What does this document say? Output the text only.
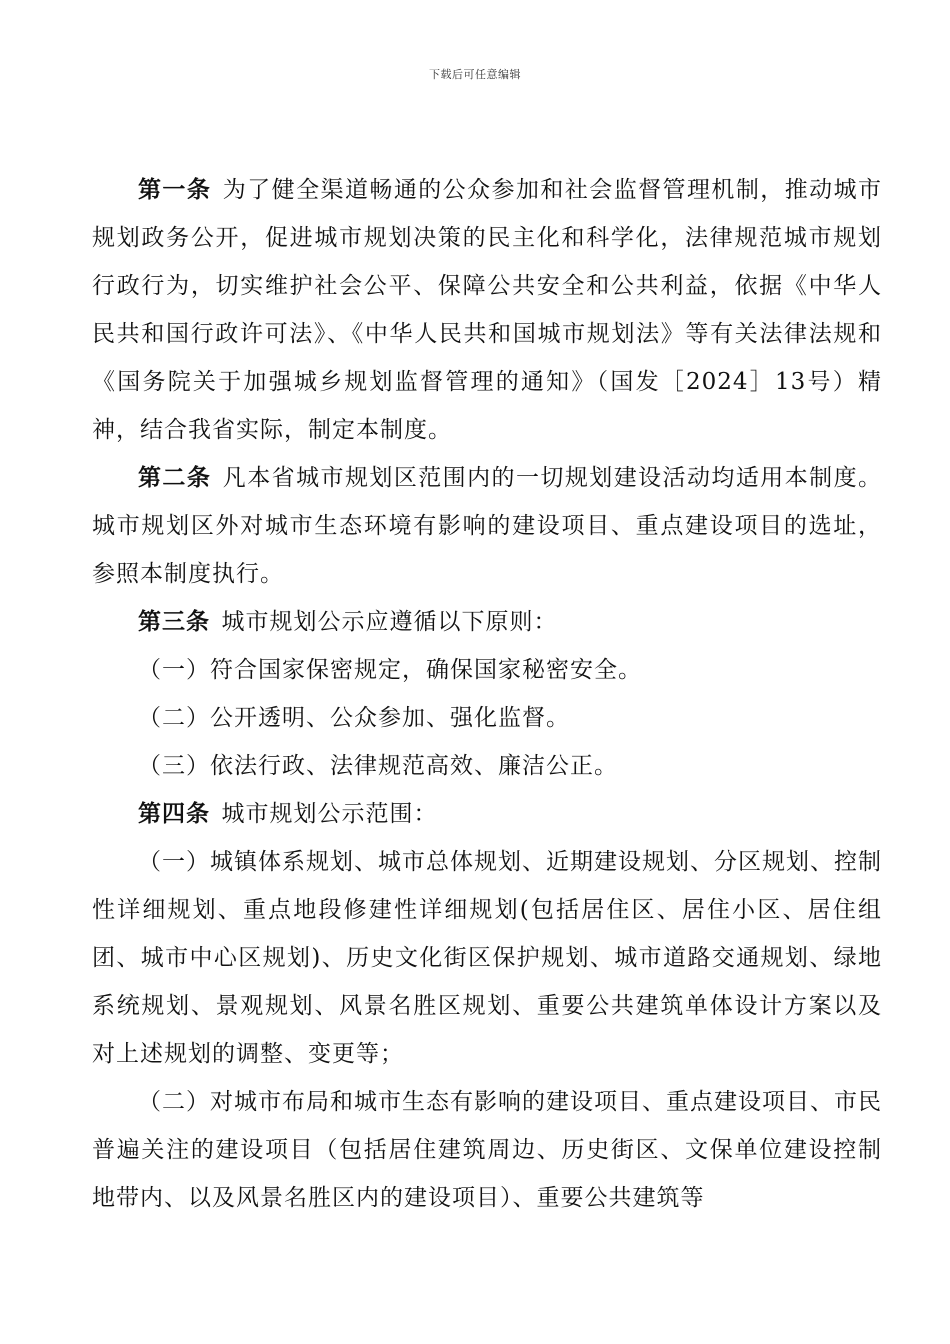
下载后可任意编辑

第一条 为了健全渠道畅通的公众参加和社会监督管理机制，推动城市规划政务公开，促进城市规划决策的民主化和科学化，法律规范城市规划行政行为，切实维护社会公平、保障公共安全和公共利益，依据《中华人民共和国行政许可法》、《中华人民共和国城市规划法》等有关法律法规和《国务院关于加强城乡规划监督管理的通知》（国发［2024］13号）精神，结合我省实际，制定本制度。

第二条 凡本省城市规划区范围内的一切规划建设活动均适用本制度。城市规划区外对城市生态环境有影响的建设项目、重点建设项目的选址，参照本制度执行。

第三条 城市规划公示应遵循以下原则：

（一）符合国家保密规定，确保国家秘密安全。

（二）公开透明、公众参加、强化监督。

（三）依法行政、法律规范高效、廉洁公正。

第四条 城市规划公示范围：

（一）城镇体系规划、城市总体规划、近期建设规划、分区规划、控制性详细规划、重点地段修建性详细规划(包括居住区、居住小区、居住组团、城市中心区规划)、历史文化街区保护规划、城市道路交通规划、绿地系统规划、景观规划、风景名胜区规划、重要公共建筑单体设计方案以及对上述规划的调整、变更等；

（二）对城市布局和城市生态有影响的建设项目、重点建设项目、市民普遍关注的建设项目（包括居住建筑周边、历史街区、文保单位建设控制地带内、以及风景名胜区内的建设项目）、重要公共建筑等
